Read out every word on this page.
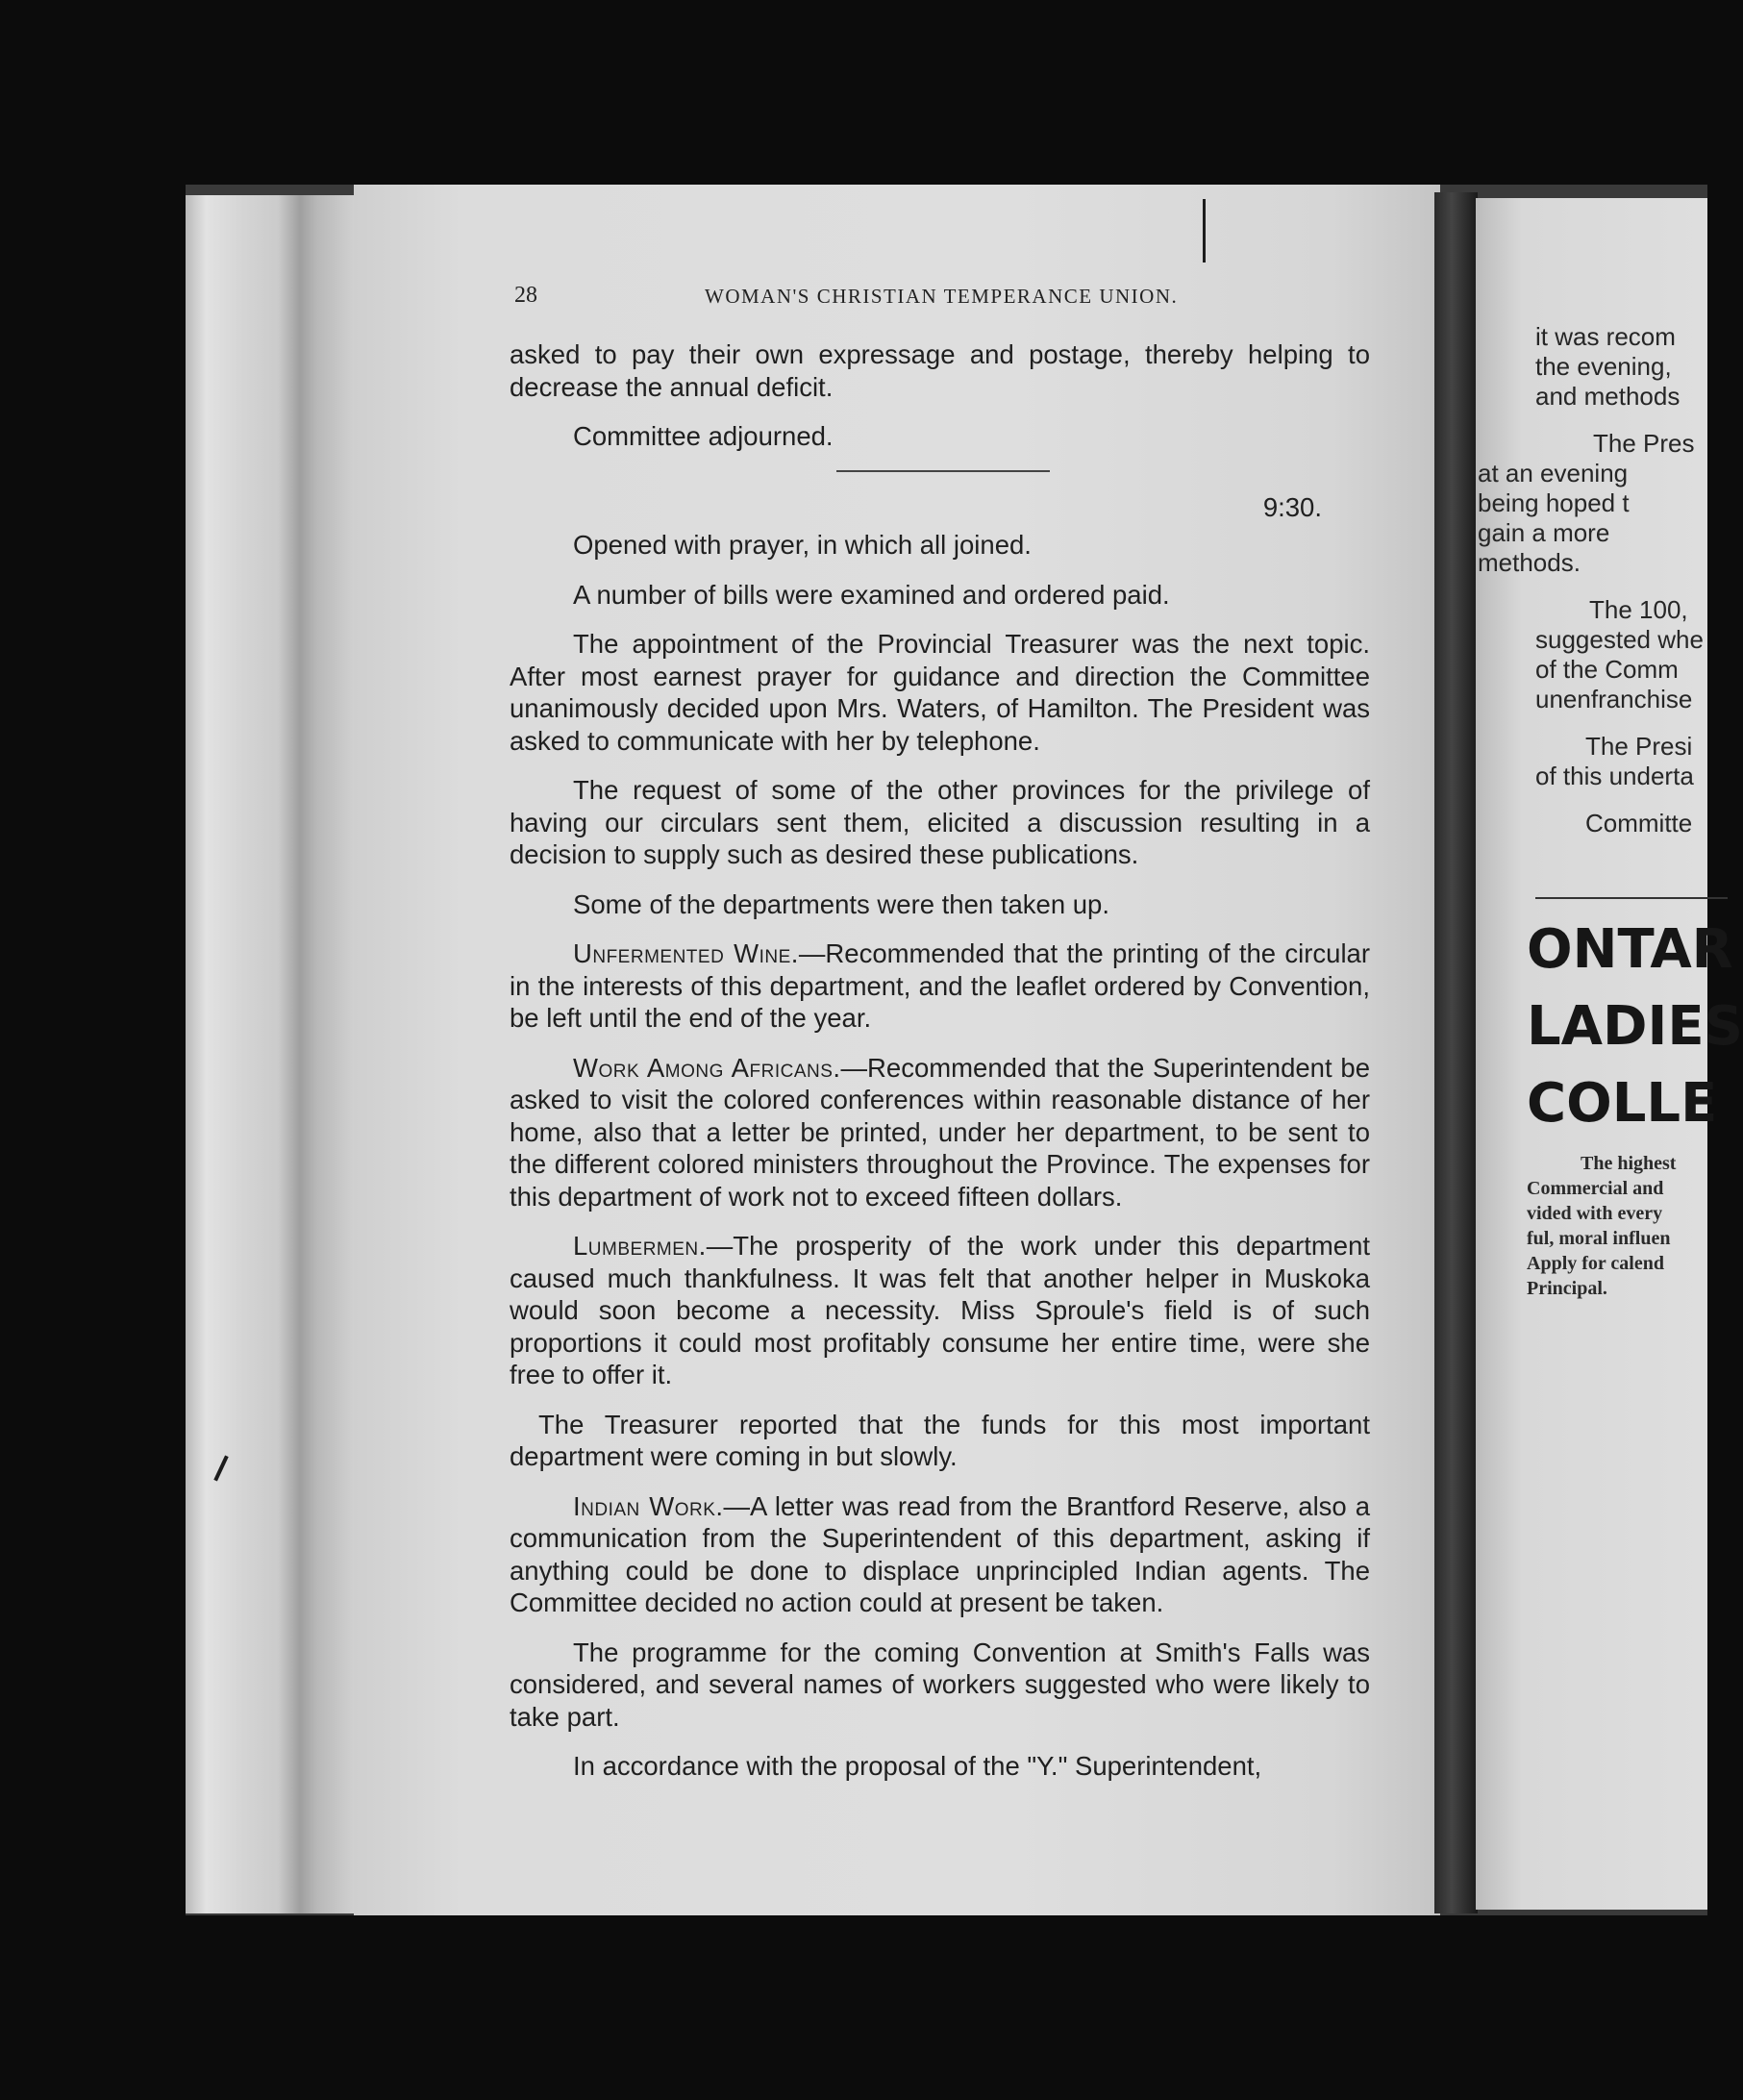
28	WOMAN'S CHRISTIAN TEMPERANCE UNION.

asked to pay their own expressage and postage, thereby helping to decrease the annual deficit.

Committee adjourned.

9:30.

Opened with prayer, in which all joined.

A number of bills were examined and ordered paid.

The appointment of the Provincial Treasurer was the next topic. After most earnest prayer for guidance and direction the Committee unanimously decided upon Mrs. Waters, of Hamilton. The President was asked to communicate with her by telephone.

The request of some of the other provinces for the privilege of having our circulars sent them, elicited a discussion resulting in a decision to supply such as desired these publications.

Some of the departments were then taken up.

Unfermented Wine.—Recommended that the printing of the circular in the interests of this department, and the leaflet ordered by Convention, be left until the end of the year.

Work Among Africans.—Recommended that the Superintendent be asked to visit the colored conferences within reasonable distance of her home, also that a letter be printed, under her department, to be sent to the different colored ministers throughout the Province. The expenses for this department of work not to exceed fifteen dollars.

Lumbermen.—The prosperity of the work under this department caused much thankfulness. It was felt that another helper in Muskoka would soon become a necessity. Miss Sproule's field is of such proportions it could most profitably consume her entire time, were she free to offer it.

The Treasurer reported that the funds for this most important department were coming in but slowly.

Indian Work.—A letter was read from the Brantford Reserve, also a communication from the Superintendent of this department, asking if anything could be done to displace unprincipled Indian agents. The Committee decided no action could at present be taken.

The programme for the coming Convention at Smith's Falls was considered, and several names of workers suggested who were likely to take part.

In accordance with the proposal of the "Y." Superintendent,

it was recom
the evening,
and methods

The Pres
at an evening
being hoped t
gain a more
methods.

The 100,
suggested whe
of the Comm
unenfranchise

The Presi
of this underta

Committe

ONTAR
LADIES
COLLE
The highest
Commercial and
vided with every
ful, moral influen
Apply for calend
Principal.
